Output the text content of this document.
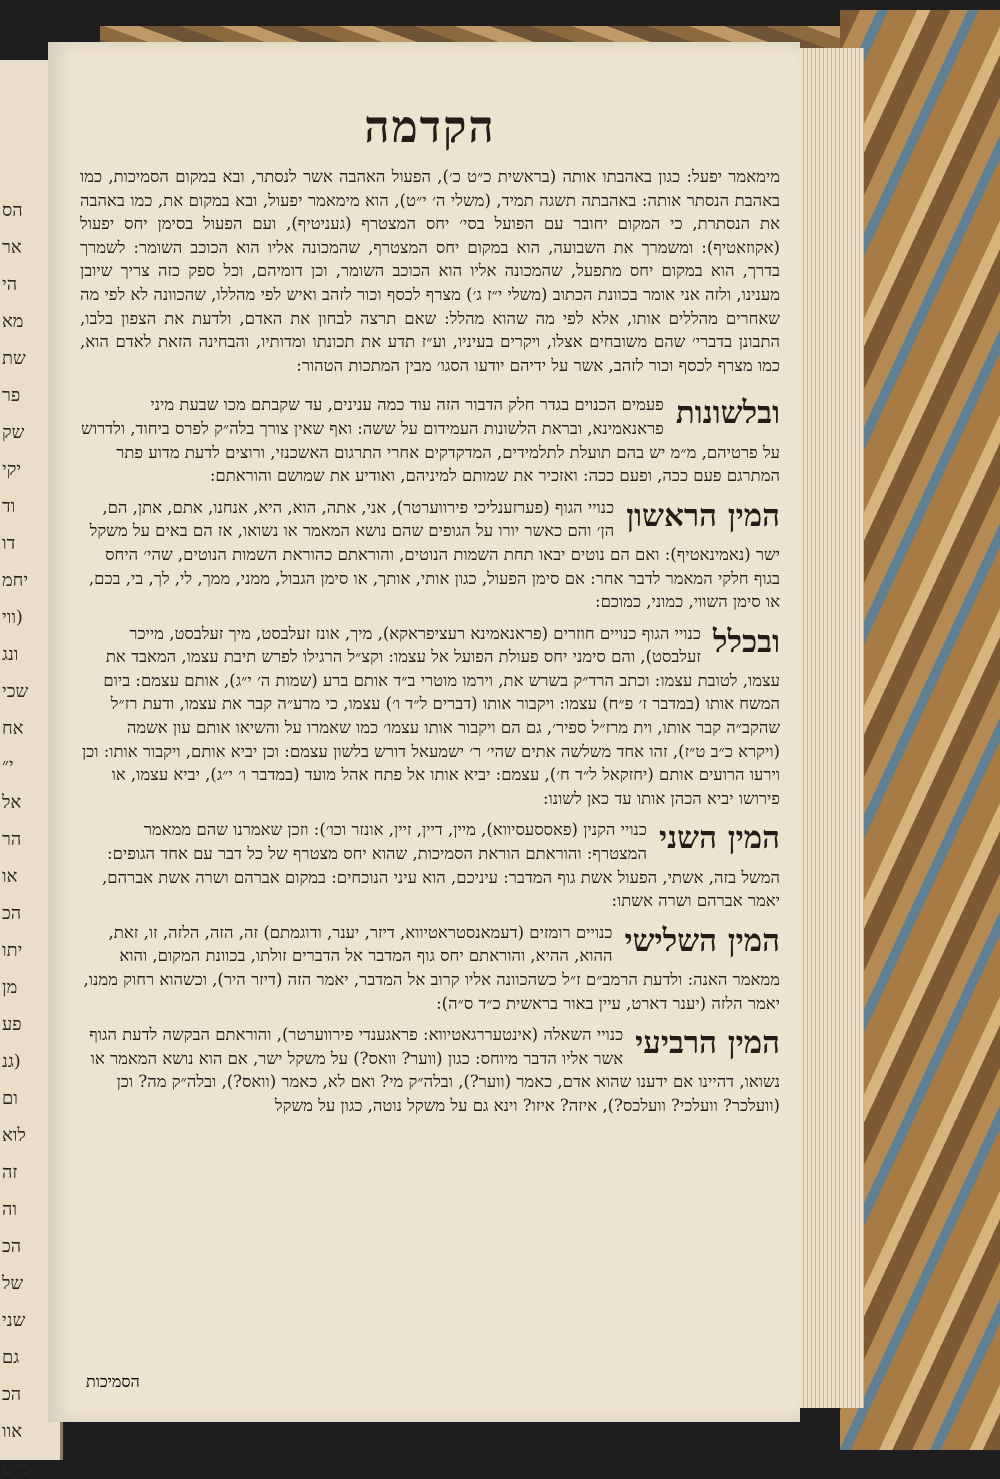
הס
אר
הי
מא
שת
פר
שק
יקי
וד
דו
יחמ
(ווי
ונג
שכי
אח
י״
אל
הר
או
הכ
יתו
מן
פע
(גנ
ום
לוא
זה
וה
הכ
של
שני
גם
הכ
אוו
מ״ע
הקדמה
מימאמר יפעל: כגון באהבתו אותה (בראשית כ״ט כ׳), הפעול האהבה אשר לנסתר, ובא במקום הסמיכות, כמו באהבת הנסתר אותה: באהבתה תשגה תמיד, (משלי ה׳ י״ט), הוא מימאמר יפעול, ובא במקום את, כמו באהבה את הנסתרת, כי המקום יחובר עם הפועל בסי׳ יחס המצטרף (געניטיף), ועם הפעול בסימן יחס יפעול (אקוזאטיף): ומשמרך את השבועה, הוא במקום יחס המצטרף, שהמכונה אליו הוא הכוכב השומר: לשמרך בדרך, הוא במקום יחס מתפעל, שהמכונה אליו הוא הכוכב השומר, וכן דומיהם, וכל ספק כזה צריך שיובן מענינו, ולזה אני אומר בכוונת הכתוב (משלי י״ז ג׳) מצרף לכסף וכור לזהב ואיש לפי מהללו, שהכוונה לא לפי מה שאחרים מהללים אותו, אלא לפי מה שהוא מהלל: שאם תרצה לבחון את האדם, ולדעת את הצפון בלבו, התבונן בדברי׳ שהם משובחים אצלו, ויקרים בעיניו, וע״ז תדע את תכונתו ומדותיו, והבחינה הזאת לאדם הוא, כמו מצרף לכסף וכור לזהב, אשר על ידיהם יודעו הסגו׳ מבין המתכות הטהור:
ובלשונות
פעמים הכנוים בגדר חלק הדבור הזה עוד כמה ענינים, עד שקבתם מכו שבעת מיני פראנאמינא, ובראת הלשונות העמידום על ששה: ואף שאין צורך בלה״ק לפרס ביחוד, ולדרוש על פרטיהם, מ״מ יש בהם תועלת לתלמידים, המדקדקים אחרי התרגום האשכנזי, ורוצים לדעת מדוע פתר המתרגם פעם ככה, ופעם ככה: ואזכיר את שמותם למיניהם, ואודיע את שמושם והוראתם:
המין הראשון
כנויי הגוף (פערזענליכי פירווערטר), אני, אתה, הוא, היא, אנחנו, אתם, אתן, הם, הן׳ והם כאשר יורו על הגופים שהם נושא המאמר או נשואו, אז הם באים על משקל ישר (נאמינאטיף): ואם הם נוטים יבאו תחת השמות הנוטים, והוראתם כהוראת השמות הנוטים, שהי׳ היחס בגוף חלקי המאמר לדבר אחר: אם סימן הפעול, כגון אותי, אותך, או סימן הגבול, ממני, ממך, לי, לך, בי, בכם, או סימן השווי, כמוני, כמוכם:
ובכלל
כנויי הגוף כנויים חוזרים (פראנאמינא רעציפראקא), מיך, אונז זעלבסט, מיך זעלבסט, מייכר זעלבסט), והם סימני יחס פעולת הפועל אל עצמו: וקצ״ל הרגילו לפרש תיבת עצמו, המאבד את עצמו, לטובת עצמו: וכתב הרד״ק בשרש את, וירמו מוטרי ב״ד אותם ברע (שמות ה׳ י״ג), אותם עצמם: ביום המשח אותו (במדבר ז׳ פ״ח) עצמו: ויקבור אותו (דברים ל״ד ו׳) עצמו, כי מרע״ה קבר את עצמו, ודעת רז״ל שהקב״ה קבר אותו, וית מרז״ל ספיר׳, גם הם ויקבור אותו עצמו׳ כמו שאמרו על והשיאו אותם עון אשמה (ויקרא כ״ב ט״ז), זהו אחד משלשה אתים שהי׳ ר׳ ישמעאל דורש בלשון עצמם: וכן יביא אותם, ויקבור אותו: וכן וירעו הרועים אותם (יחזקאל ל״ד ח׳), עצמם: יביא אותו אל פתח אהל מועד (במדבר ו׳ י״ג), יביא עצמו, או פירושו יביא הכהן אותו עד כאן לשונו:
המין השני
כנויי הקנין (פאססעסיווא), מיין, דיין, זיין, אונזר וכו׳): וזכן שאמרנו שהם ממאמר המצטרף: והוראתם הוראת הסמיכות, שהוא יחס מצטרף של כל דבר עם אחד הגופים: המשל בזה, אשתי, הפעול אשת גוף המדבר: עיניכם, הוא עיני הנוכחים: במקום אברהם ושרה אשת אברהם, יאמר אברהם ושרה אשתו:
המין השלישי
כנויים רומזים (דעמאנסטראטיווא, דיזר, יענר, ודוגמתם) זה, הזה, הלזה, זו, זאת, ההוא, ההיא, והוראתם יחס גוף המדבר אל הדברים זולתו, בכוונת המקום, והוא ממאמר האנה: ולדעת הרמב״ם ז״ל כשהכוונה אליו קרוב אל המדבר, יאמר הזה (דיזר היר), וכשהוא רחוק ממנו, יאמר הלזה (יענר דארט, עיין באור בראשית כ״ד ס״ה):
המין הרביעי
כנויי השאלה (אינטעררגאטיווא: פראגענדי פירווערטר), והוראתם הבקשה לדעת הגוף אשר אליו הדבר מיוחס: כגון (ווער? וואס?) על משקל ישר, אם הוא נושא המאמר או נשואו, דהיינו אם ידענו שהוא אדם, כאמר (ווער?), ובלה״ק מי? ואם לא, כאמר (וואס?), ובלה״ק מה? וכן (וועלכר? וועלכי? וועלכס?), איזה? איזו? וינא גם על משקל נוטה, כגון על משקל
הסמיכות
